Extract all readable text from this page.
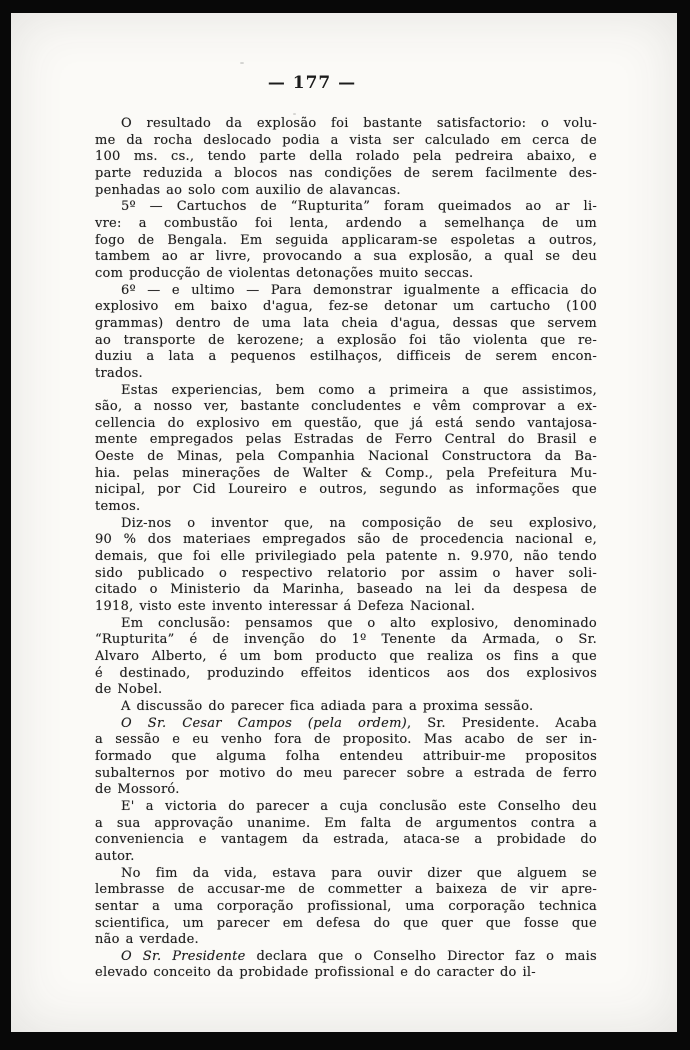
— 177 —
O resultado da explosão foi bastante satisfactorio: o volu-
me da rocha deslocado podia a vista ser calculado em cerca de
100 ms. cs., tendo parte della rolado pela pedreira abaixo, e
parte reduzida a blocos nas condições de serem facilmente des-
penhadas ao solo com auxilio de alavancas.
5º — Cartuchos de “Rupturita” foram queimados ao ar li-
vre: a combustão foi lenta, ardendo a semelhança de um
fogo de Bengala. Em seguida applicaram-se espoletas a outros,
tambem ao ar livre, provocando a sua explosão, a qual se deu
com producção de violentas detonações muito seccas.
6º — e ultimo — Para demonstrar igualmente a efficacia do
explosivo em baixo d'agua, fez-se detonar um cartucho (100
grammas) dentro de uma lata cheia d'agua, dessas que servem
ao transporte de kerozene; a explosão foi tão violenta que re-
duziu a lata a pequenos estilhaços, difficeis de serem encon-
trados.
Estas experiencias, bem como a primeira a que assistimos,
são, a nosso ver, bastante concludentes e vêm comprovar a ex-
cellencia do explosivo em questão, que já está sendo vantajosa-
mente empregados pelas Estradas de Ferro Central do Brasil e
Oeste de Minas, pela Companhia Nacional Constructora da Ba-
hia. pelas minerações de Walter & Comp., pela Prefeitura Mu-
nicipal, por Cid Loureiro e outros, segundo as informações que
temos.
Diz-nos o inventor que, na composição de seu explosivo,
90 % dos materiaes empregados são de procedencia nacional e,
demais, que foi elle privilegiado pela patente n. 9.970, não tendo
sido publicado o respectivo relatorio por assim o haver soli-
citado o Ministerio da Marinha, baseado na lei da despesa de
1918, visto este invento interessar á Defeza Nacional.
Em conclusão: pensamos que o alto explosivo, denominado
“Rupturita” é de invenção do 1º Tenente da Armada, o Sr.
Alvaro Alberto, é um bom producto que realiza os fins a que
é destinado, produzindo effeitos identicos aos dos explosivos
de Nobel.
A discussão do parecer fica adiada para a proxima sessão.
O Sr. Cesar Campos (pela ordem), Sr. Presidente. Acaba
a sessão e eu venho fora de proposito. Mas acabo de ser in-
formado que alguma folha entendeu attribuir-me propositos
subalternos por motivo do meu parecer sobre a estrada de ferro
de Mossoró.
E' a victoria do parecer a cuja conclusão este Conselho deu
a sua approvação unanime. Em falta de argumentos contra a
conveniencia e vantagem da estrada, ataca-se a probidade do
autor.
No fim da vida, estava para ouvir dizer que alguem se
lembrasse de accusar-me de commetter a baixeza de vir apre-
sentar a uma corporação profissional, uma corporação technica
scientifica, um parecer em defesa do que quer que fosse que
não a verdade.
O Sr. Presidente declara que o Conselho Director faz o mais
elevado conceito da probidade profissional e do caracter do il-
